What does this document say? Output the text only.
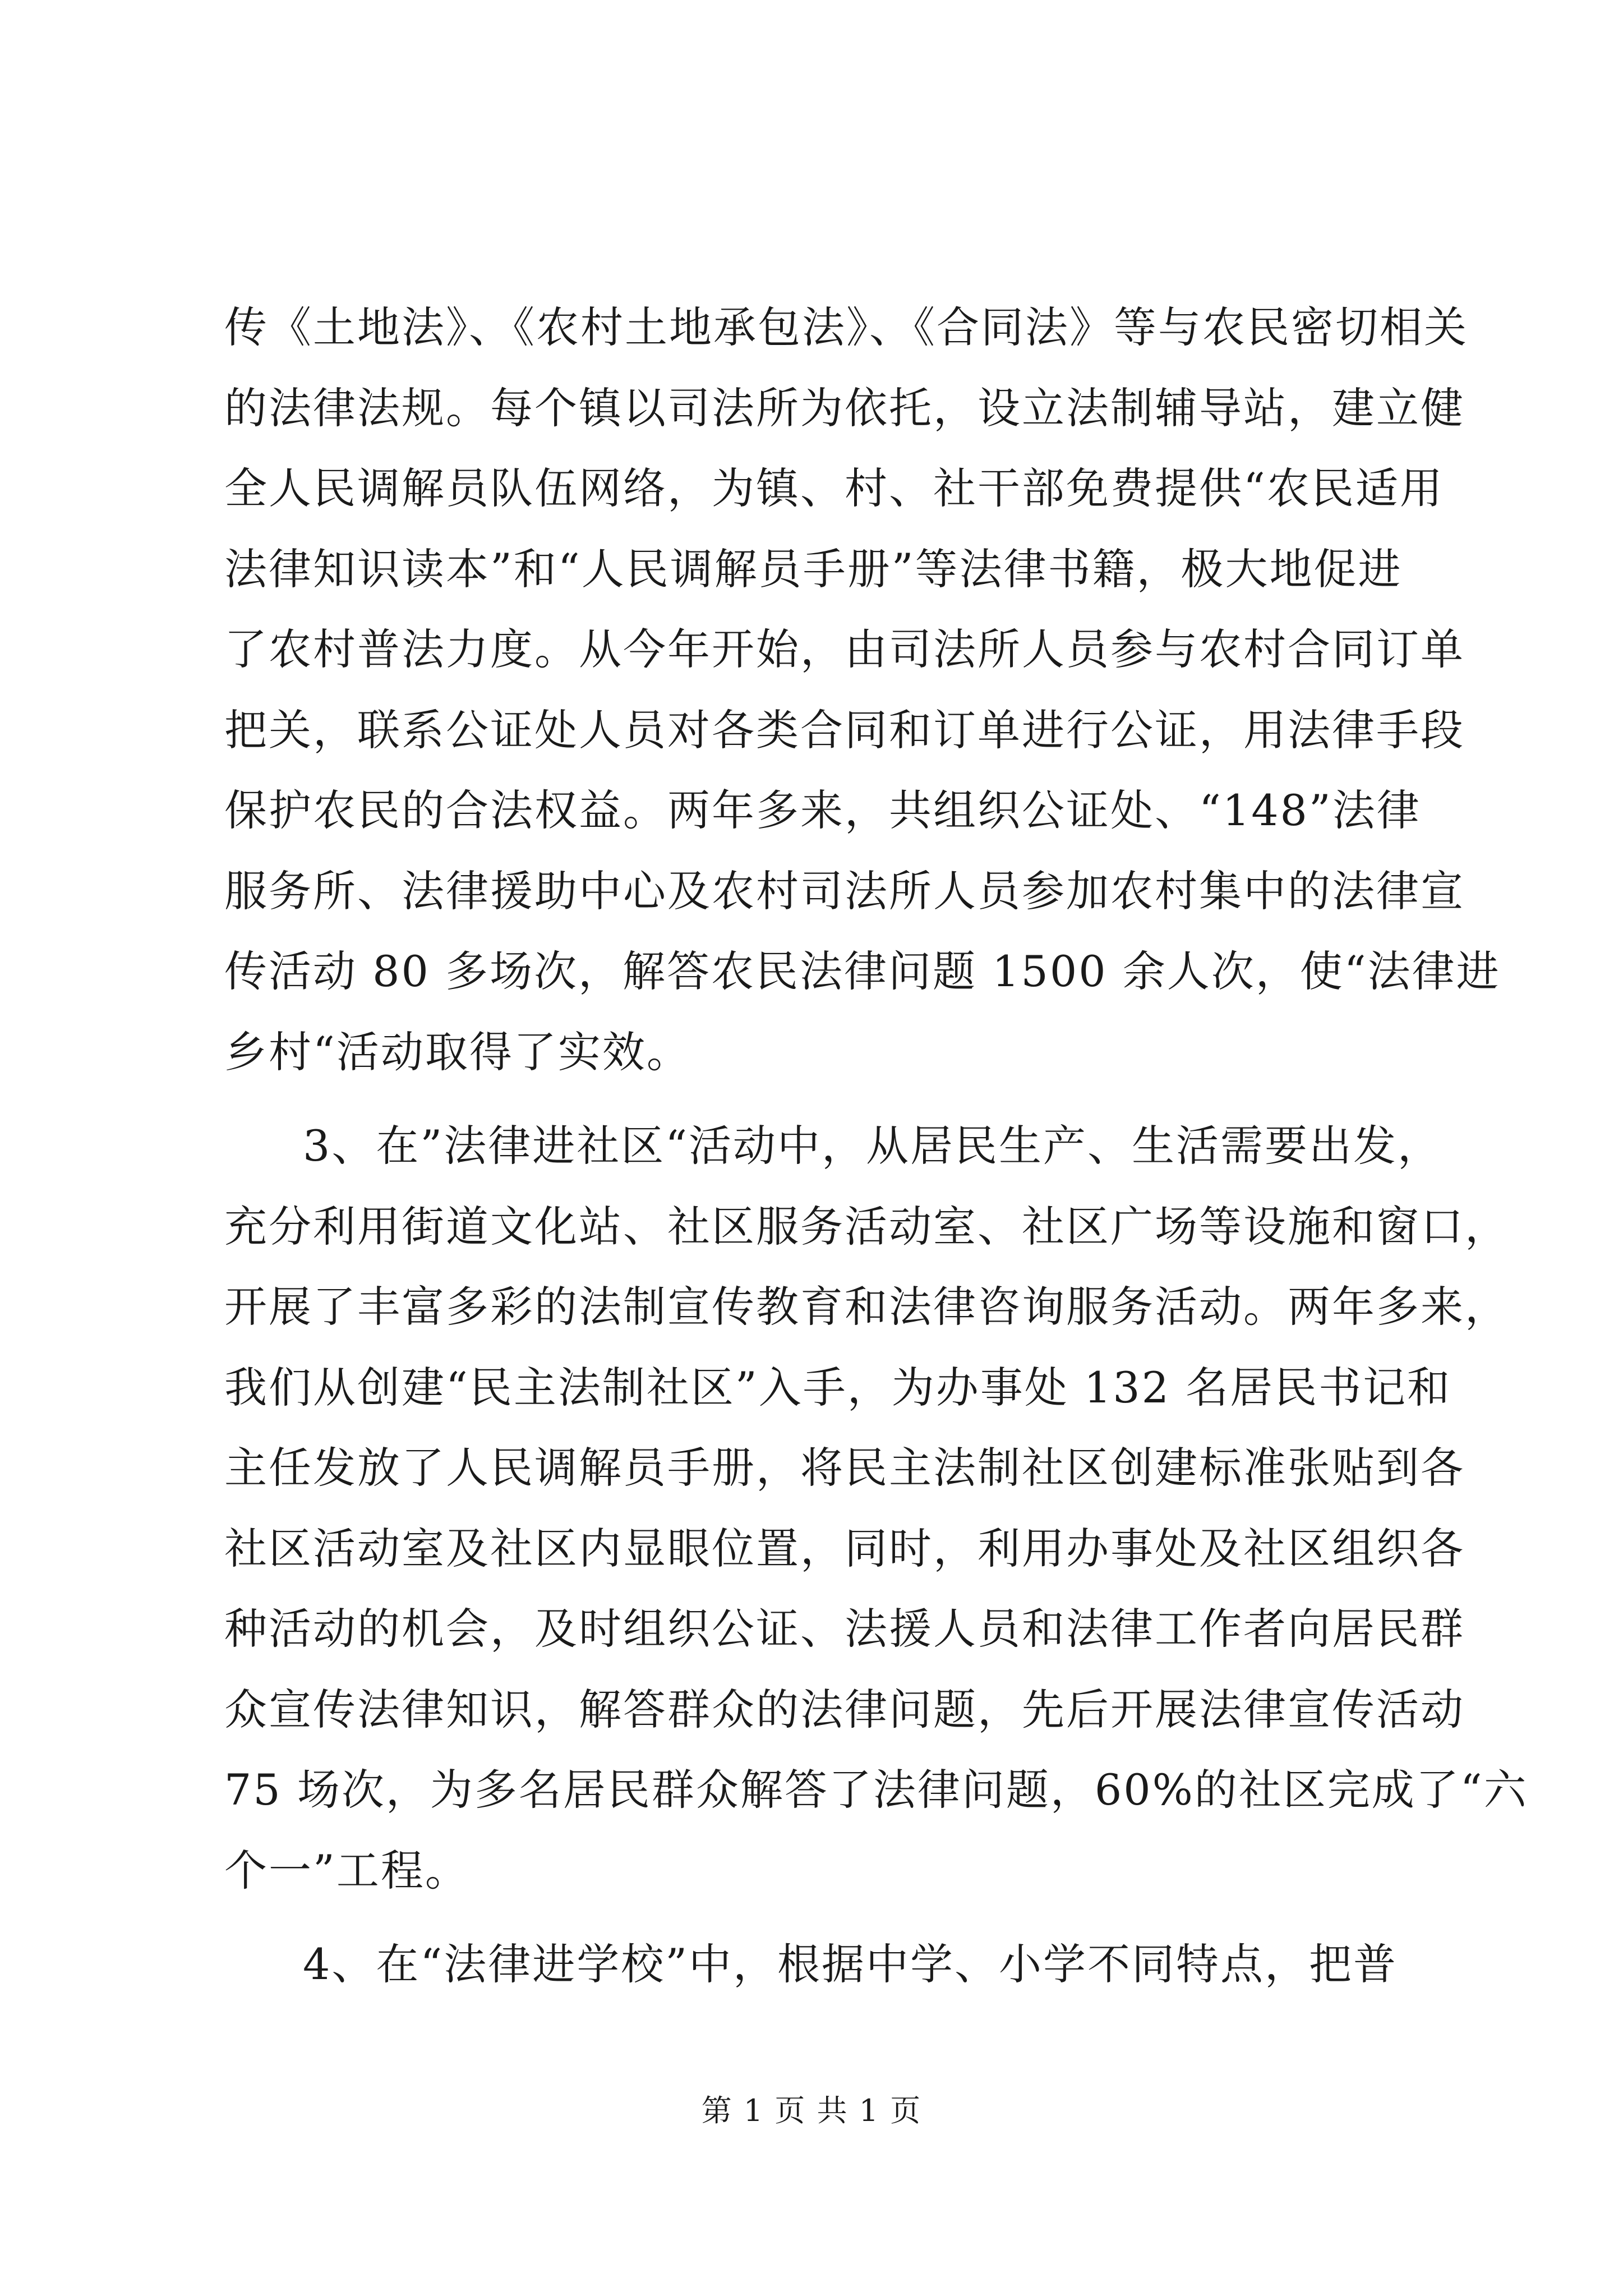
传《土地法》、《农村土地承包法》、《合同法》等与农民密切相关
的法律法规。每个镇以司法所为依托，设立法制辅导站，建立健
全人民调解员队伍网络，为镇、村、社干部免费提供“农民适用
法律知识读本”和“人民调解员手册”等法律书籍，极大地促进
了农村普法力度。从今年开始，由司法所人员参与农村合同订单
把关，联系公证处人员对各类合同和订单进行公证，用法律手段
保护农民的合法权益。两年多来，共组织公证处、“148”法律
服务所、法律援助中心及农村司法所人员参加农村集中的法律宣
传活动 80 多场次，解答农民法律问题 1500 余人次，使“法律进
乡村“活动取得了实效。
3、在”法律进社区“活动中，从居民生产、生活需要出发，
充分利用街道文化站、社区服务活动室、社区广场等设施和窗口，
开展了丰富多彩的法制宣传教育和法律咨询服务活动。两年多来，
我们从创建“民主法制社区”入手，为办事处 132 名居民书记和
主任发放了人民调解员手册，将民主法制社区创建标准张贴到各
社区活动室及社区内显眼位置，同时，利用办事处及社区组织各
种活动的机会，及时组织公证、法援人员和法律工作者向居民群
众宣传法律知识，解答群众的法律问题，先后开展法律宣传活动
75 场次，为多名居民群众解答了法律问题，60%的社区完成了“六
个一”工程。
4、在“法律进学校”中，根据中学、小学不同特点，把普
第 1 页 共 1 页
